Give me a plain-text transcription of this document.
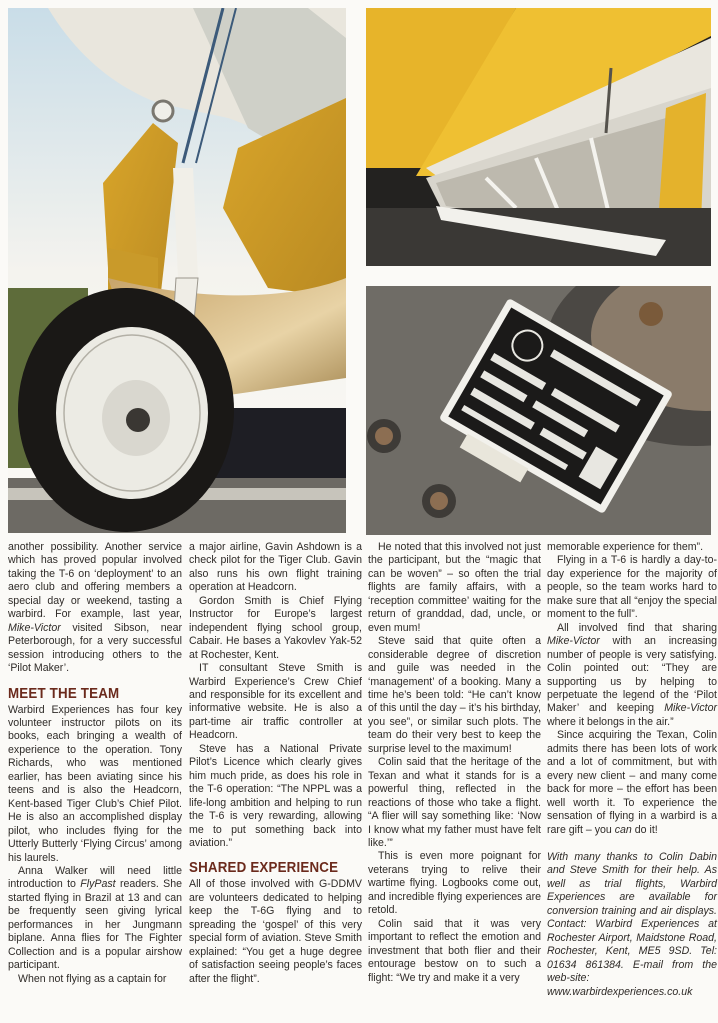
another possibility. Another service which has proved popular involved taking the T-6 on ‘deployment’ to an aero club and offering members a special day or weekend, tasting a warbird. For example, last year, Mike-Victor visited Sibson, near Peterborough, for a very successful session introducing others to the ‘Pilot Maker’.

MEET THE TEAM

Warbird Experiences has four key volunteer instructor pilots on its books, each bringing a wealth of experience to the operation. Tony Richards, who was mentioned earlier, has been aviating since his teens and is also the Headcorn, Kent-based Tiger Club’s Chief Pilot. He is also an accomplished display pilot, who includes flying for the Utterly Butterly ‘Flying Circus’ among his laurels.

Anna Walker will need little introduction to FlyPast readers. She started flying in Brazil at 13 and can be frequently seen giving lyrical performances in her Jungmann biplane. Anna flies for The Fighter Collection and is a popular airshow participant.

When not flying as a captain for

a major airline, Gavin Ashdown is a check pilot for the Tiger Club. Gavin also runs his own flight training operation at Headcorn.

Gordon Smith is Chief Flying Instructor for Europe’s largest independent flying school group, Cabair. He bases a Yakovlev Yak-52 at Rochester, Kent.

IT consultant Steve Smith is Warbird Experience’s Crew Chief and responsible for its excellent and informative website. He is also a part-time air traffic controller at Headcorn.

Steve has a National Private Pilot’s Licence which clearly gives him much pride, as does his role in the T-6 operation: “The NPPL was a life-long ambition and helping to run the T-6 is very rewarding, allowing me to put something back into aviation.”

SHARED EXPERIENCE

All of those involved with G-DDMV are volunteers dedicated to helping keep the T-6G flying and to spreading the ‘gospel’ of this very special form of aviation. Steve Smith explained: “You get a huge degree of satisfaction seeing people’s faces after the flight”.

He noted that this involved not just the participant, but the “magic that can be woven” – so often the trial flights are family affairs, with a ‘reception committee’ waiting for the return of granddad, dad, uncle, or even mum!

Steve said that quite often a considerable degree of discretion and guile was needed in the ‘management’ of a booking. Many a time he’s been told: “He can’t know of this until the day – it’s his birthday, you see”, or similar such plots. The team do their very best to keep the surprise level to the maximum!

Colin said that the heritage of the Texan and what it stands for is a powerful thing, reflected in the reactions of those who take a flight. “A flier will say something like: ‘Now I know what my father must have felt like.’”

This is even more poignant for veterans trying to relive their wartime flying. Logbooks come out, and incredible flying experiences are retold.

Colin said that it was very important to reflect the emotion and investment that both flier and their entourage bestow on to such a flight: “We try and make it a very

memorable experience for them”.

Flying in a T-6 is hardly a day-to-day experience for the majority of people, so the team works hard to make sure that all “enjoy the special moment to the full”.

All involved find that sharing Mike-Victor with an increasing number of people is very satisfying. Colin pointed out: “They are supporting us by helping to perpetuate the legend of the ‘Pilot Maker’ and keeping Mike-Victor where it belongs in the air.”

Since acquiring the Texan, Colin admits there has been lots of work and a lot of commitment, but with every new client – and many come back for more – the effort has been well worth it. To experience the sensation of flying in a warbird is a rare gift – you can do it!

With many thanks to Colin Dabin and Steve Smith for their help. As well as trial flights, Warbird Experiences are available for conversion training and air displays. Contact: Warbird Experiences at Rochester Airport, Maidstone Road, Rochester, Kent, ME5 9SD. Tel: 01634 861384. E-mail from the web-site: www.warbirdexperiences.co.uk
